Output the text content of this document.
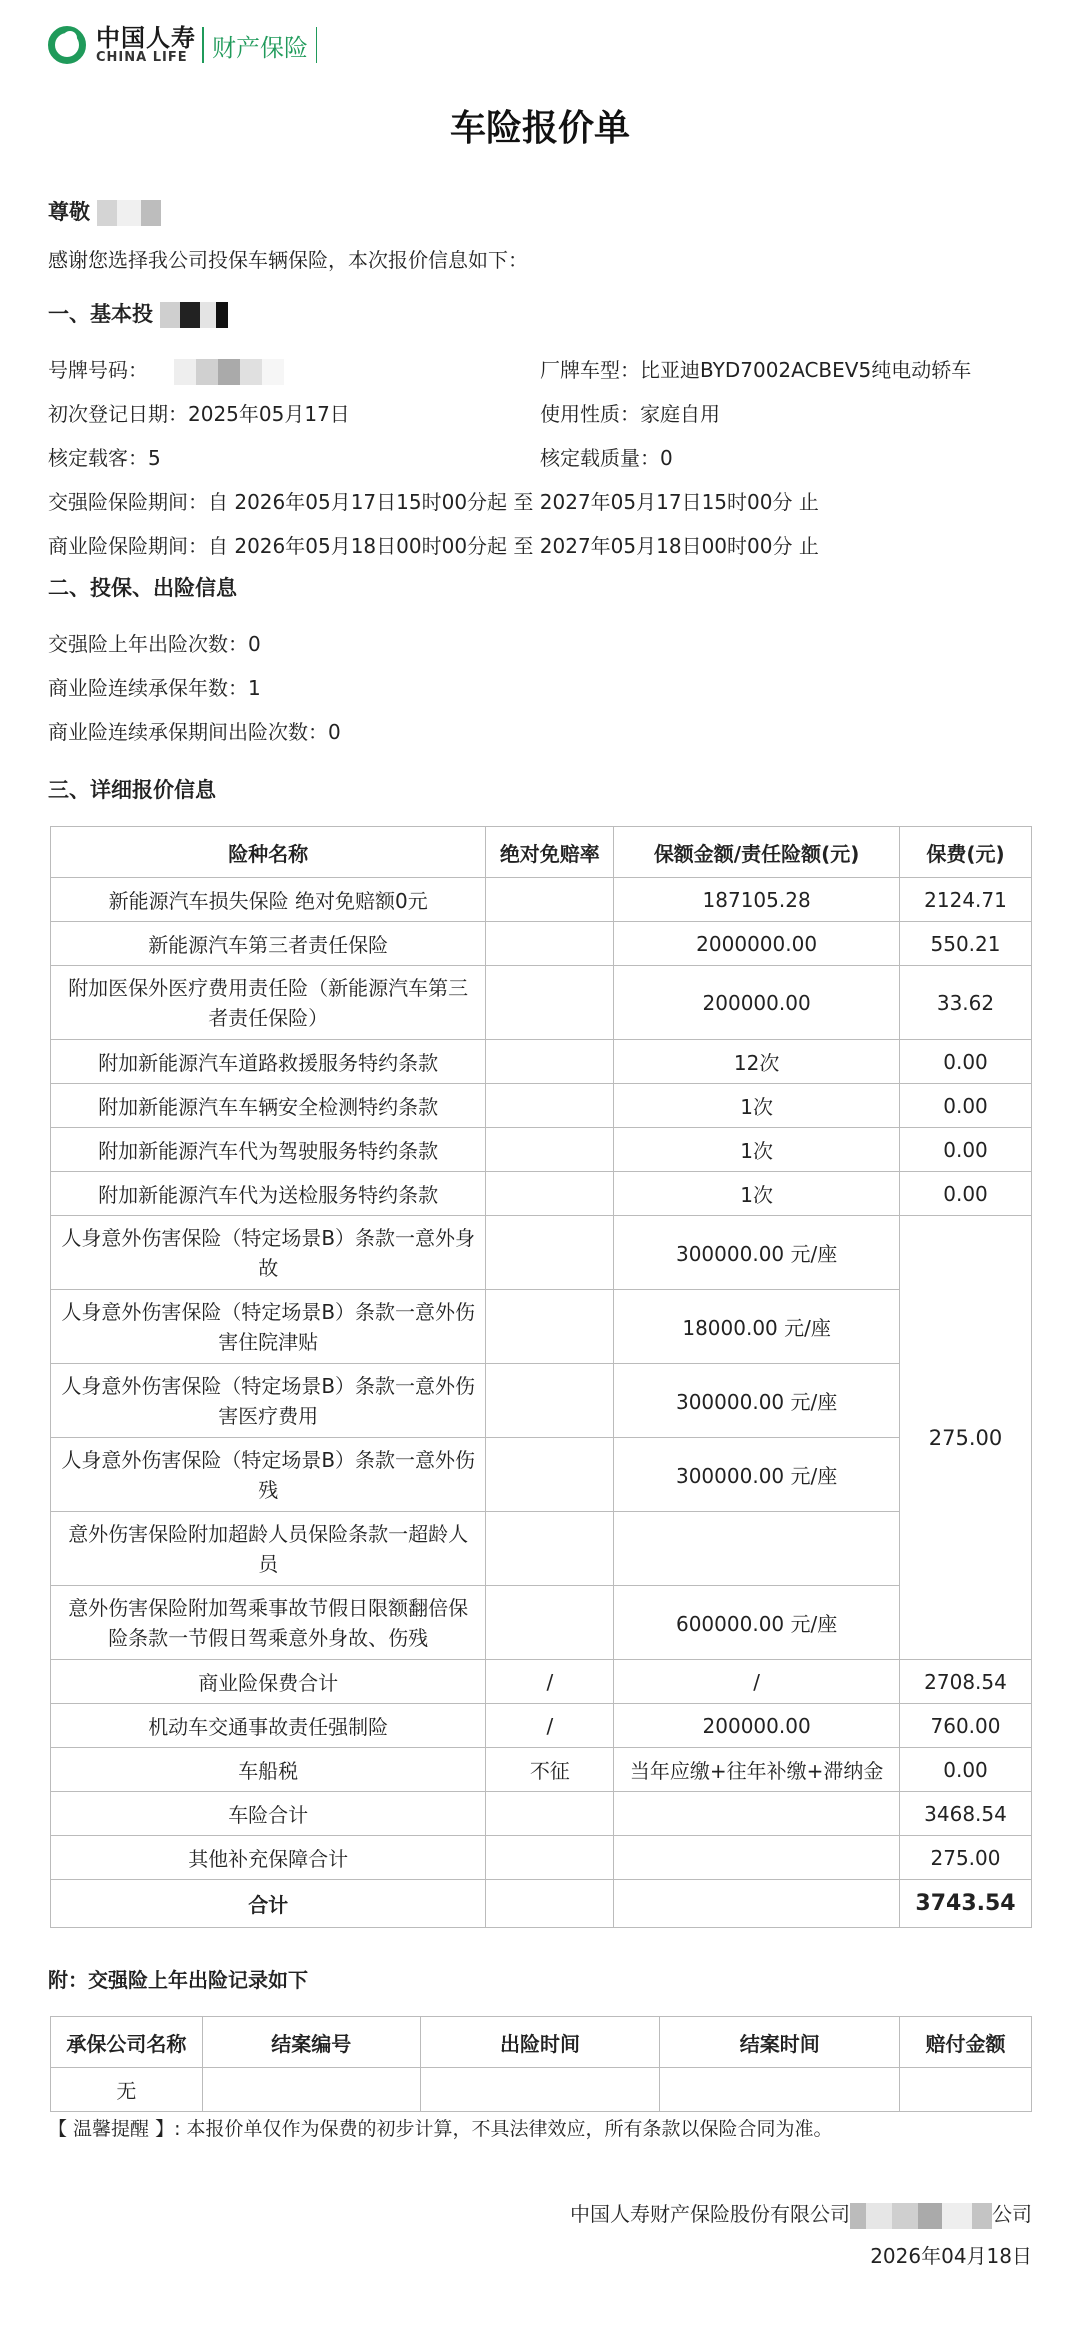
中国人寿
CHINA LIFE	财产保险
车险报价单
尊敬
感谢您选择我公司投保车辆保险，本次报价信息如下：
一、基本投
号牌号码：	厂牌车型：比亚迪BYD7002ACBEV5纯电动轿车
初次登记日期：2025年05月17日	使用性质：家庭自用
核定载客：5	核定载质量：0
交强险保险期间：自 2026年05月17日15时00分起 至 2027年05月17日15时00分 止
商业险保险期间：自 2026年05月18日00时00分起 至 2027年05月18日00时00分 止
二、投保、出险信息
交强险上年出险次数：0
商业险连续承保年数：1
商业险连续承保期间出险次数：0
三、详细报价信息
险种名称	绝对免赔率	保额金额/责任险额(元)	保费(元)
新能源汽车损失保险 绝对免赔额0元		187105.28	2124.71
新能源汽车第三者责任保险		2000000.00	550.21
附加医保外医疗费用责任险（新能源汽车第三者责任保险）		200000.00	33.62
附加新能源汽车道路救援服务特约条款		12次	0.00
附加新能源汽车车辆安全检测特约条款		1次	0.00
附加新能源汽车代为驾驶服务特约条款		1次	0.00
附加新能源汽车代为送检服务特约条款		1次	0.00
人身意外伤害保险（特定场景B）条款一意外身故		300000.00 元/座	275.00
人身意外伤害保险（特定场景B）条款一意外伤害住院津贴		18000.00 元/座	
人身意外伤害保险（特定场景B）条款一意外伤害医疗费用		300000.00 元/座	
人身意外伤害保险（特定场景B）条款一意外伤残		300000.00 元/座	
意外伤害保险附加超龄人员保险条款一超龄人员			
意外伤害保险附加驾乘事故节假日限额翻倍保险条款一节假日驾乘意外身故、伤残		600000.00 元/座	
商业险保费合计	/	/	2708.54
机动车交通事故责任强制险	/	200000.00	760.00
车船税	不征	当年应缴+往年补缴+滞纳金	0.00
车险合计			3468.54
其他补充保障合计			275.00
合计			3743.54
附：交强险上年出险记录如下
承保公司名称	结案编号	出险时间	结案时间	赔付金额
无				
【 温馨提醒 】: 本报价单仅作为保费的初步计算，不具法律效应，所有条款以保险合同为准。
中国人寿财产保险股份有限公司	公司
2026年04月18日
